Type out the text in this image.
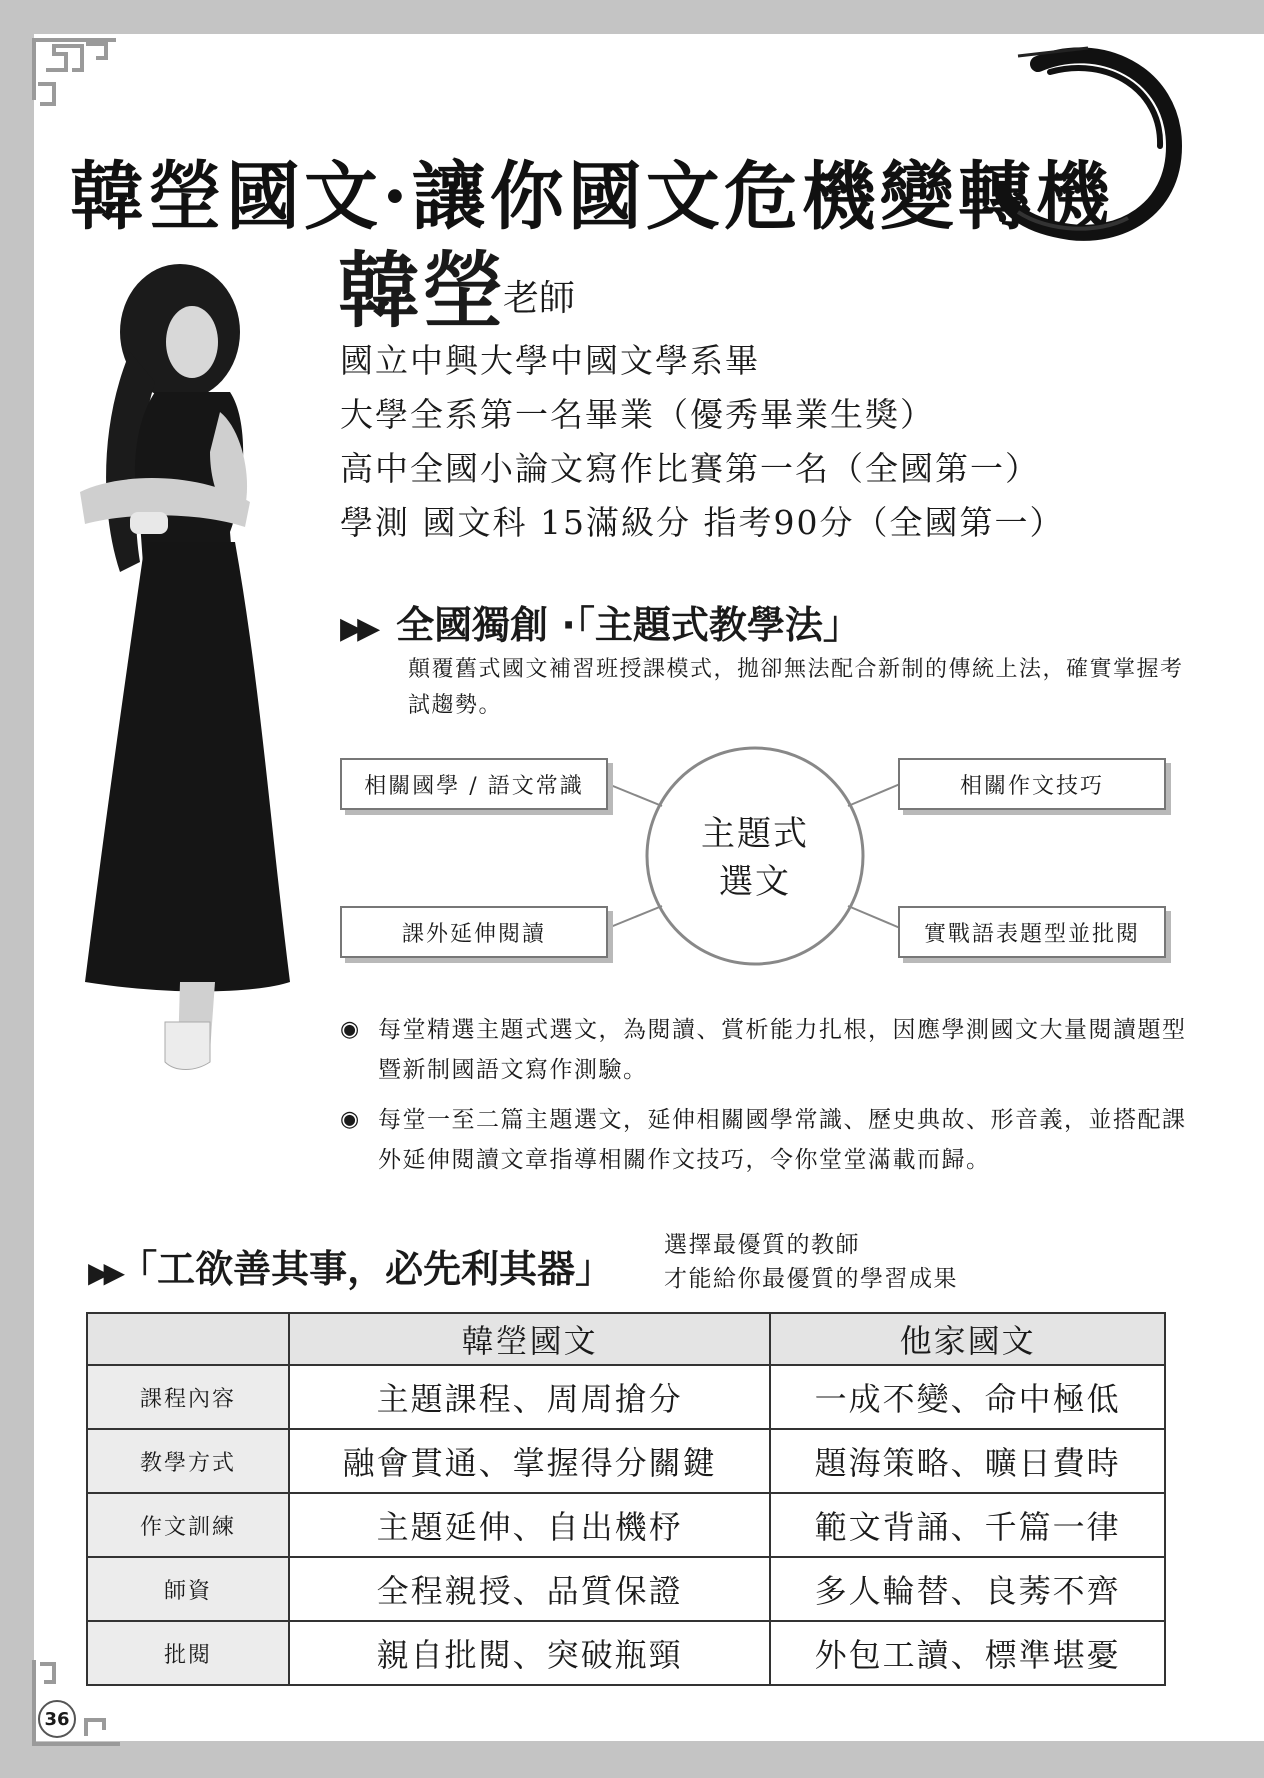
韓塋國文·讓你國文危機變轉機
韓塋
老師
國立中興大學中國文學系畢
大學全系第一名畢業（優秀畢業生獎）
高中全國小論文寫作比賽第一名（全國第一）
學測 國文科 15滿級分 指考90分（全國第一）
▶▶ 全國獨創 ·「主題式教學法」
顛覆舊式國文補習班授課模式，拋卻無法配合新制的傳統上法，確實掌握考試趨勢。
相關國學 / 語文常識	相關作文技巧
課外延伸閱讀	實戰語表題型並批閱
主題式
選文
◉ 每堂精選主題式選文，為閱讀、賞析能力扎根，因應學測國文大量閱讀題型暨新制國語文寫作測驗。
◉ 每堂一至二篇主題選文，延伸相關國學常識、歷史典故、形音義，並搭配課外延伸閱讀文章指導相關作文技巧，令你堂堂滿載而歸。
▶▶「工欲善其事，必先利其器」
選擇最優質的教師
才能給你最優質的學習成果
	韓塋國文	他家國文
課程內容	主題課程、周周搶分	一成不變、命中極低
教學方式	融會貫通、掌握得分關鍵	題海策略、曠日費時
作文訓練	主題延伸、自出機杼	範文背誦、千篇一律
師資	全程親授、品質保證	多人輪替、良莠不齊
批閱	親自批閱、突破瓶頸	外包工讀、標準堪憂
36
